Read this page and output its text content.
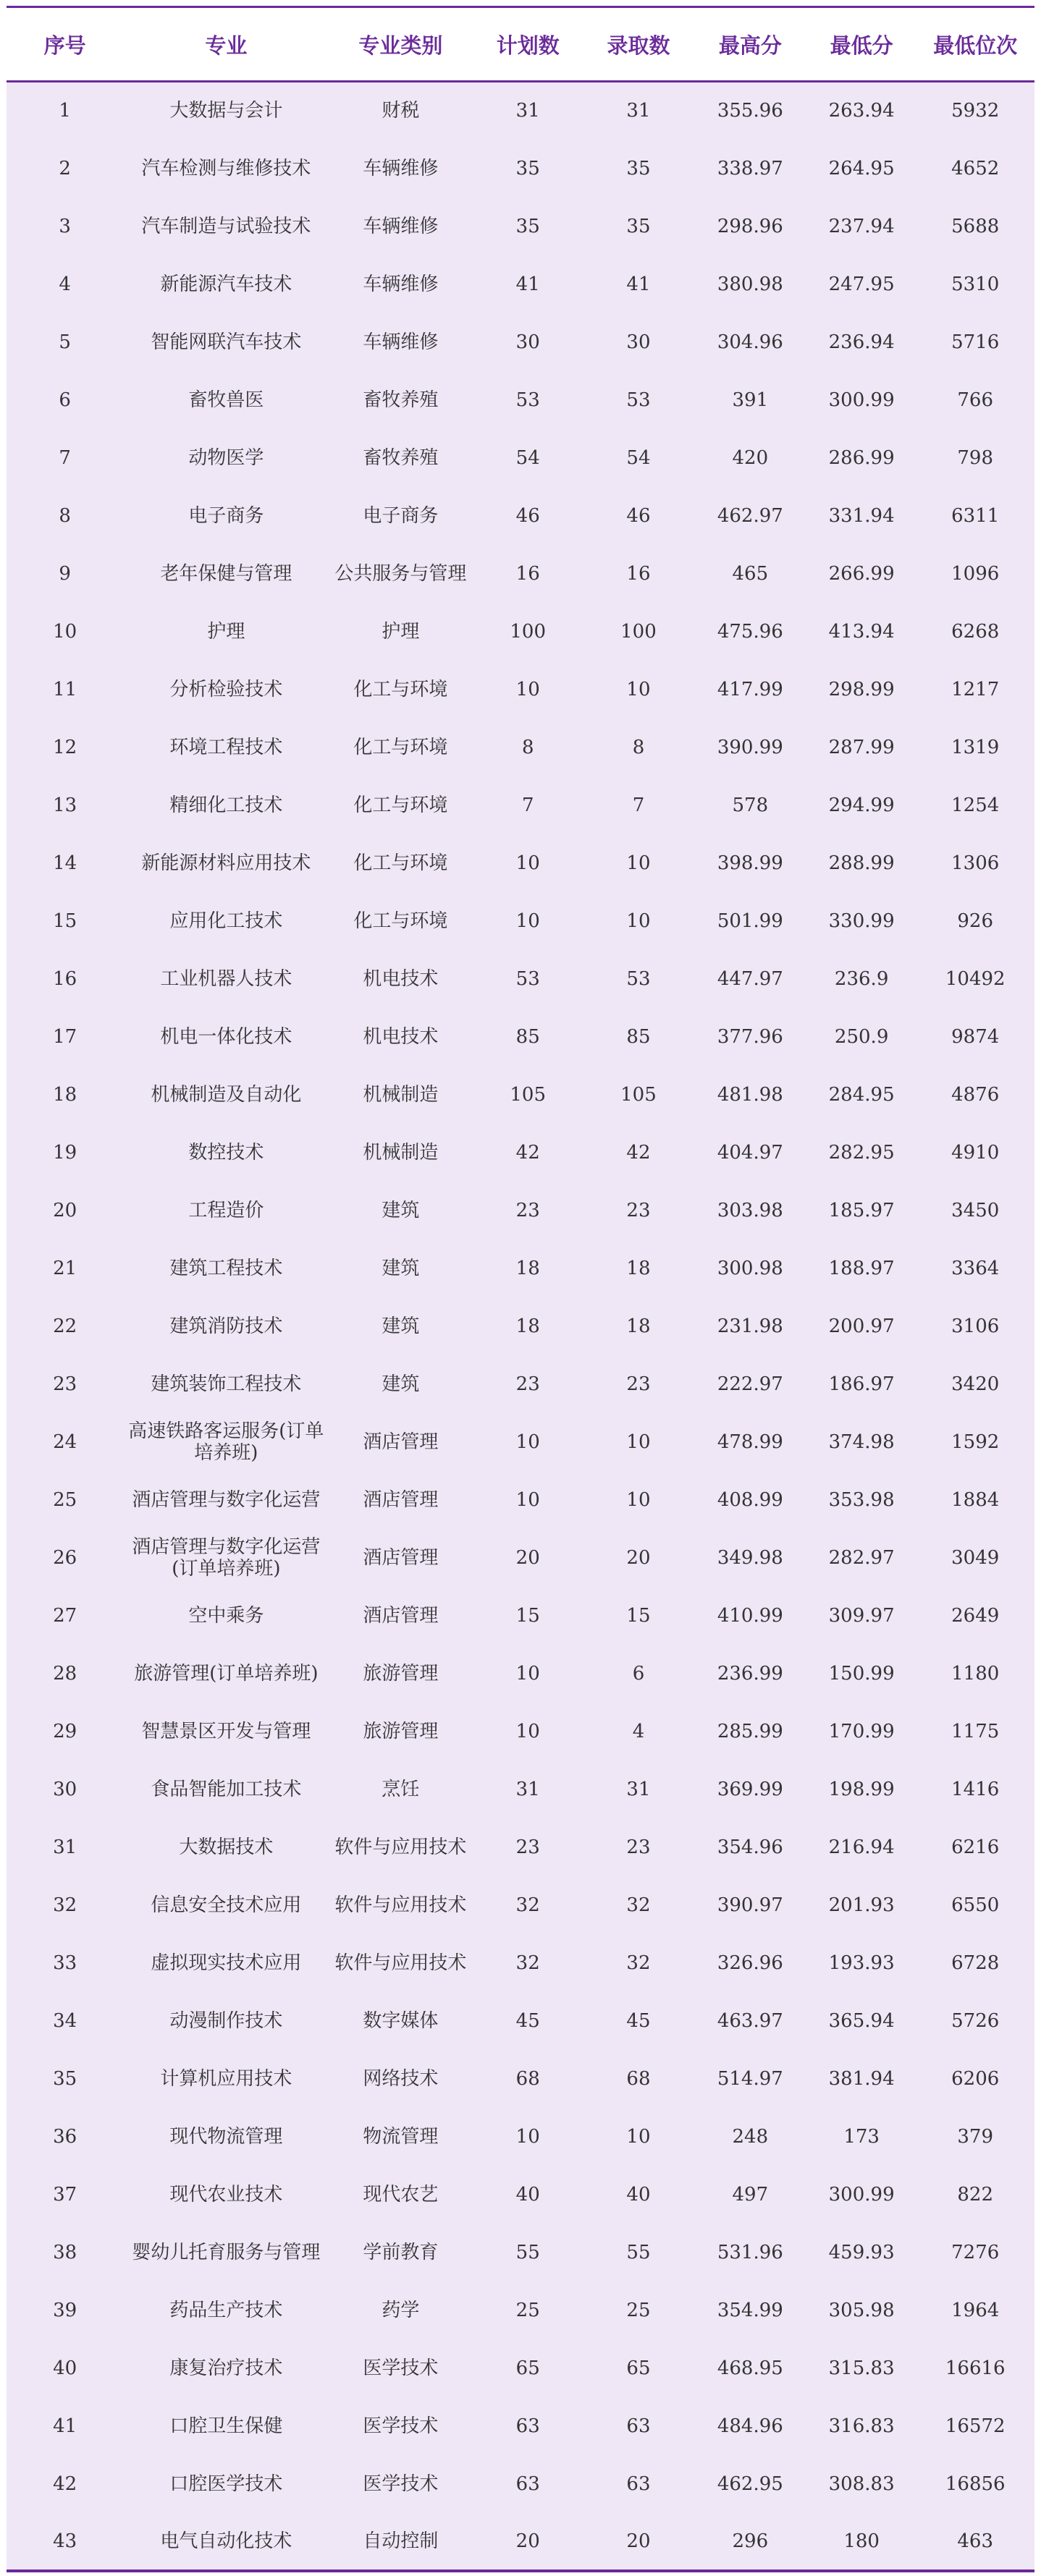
序号	专业	专业类别	计划数	录取数	最高分	最低分	最低位次
1	大数据与会计	财税	31	31	355.96	263.94	5932
2	汽车检测与维修技术	车辆维修	35	35	338.97	264.95	4652
3	汽车制造与试验技术	车辆维修	35	35	298.96	237.94	5688
4	新能源汽车技术	车辆维修	41	41	380.98	247.95	5310
5	智能网联汽车技术	车辆维修	30	30	304.96	236.94	5716
6	畜牧兽医	畜牧养殖	53	53	391	300.99	766
7	动物医学	畜牧养殖	54	54	420	286.99	798
8	电子商务	电子商务	46	46	462.97	331.94	6311
9	老年保健与管理	公共服务与管理	16	16	465	266.99	1096
10	护理	护理	100	100	475.96	413.94	6268
11	分析检验技术	化工与环境	10	10	417.99	298.99	1217
12	环境工程技术	化工与环境	8	8	390.99	287.99	1319
13	精细化工技术	化工与环境	7	7	578	294.99	1254
14	新能源材料应用技术	化工与环境	10	10	398.99	288.99	1306
15	应用化工技术	化工与环境	10	10	501.99	330.99	926
16	工业机器人技术	机电技术	53	53	447.97	236.9	10492
17	机电一体化技术	机电技术	85	85	377.96	250.9	9874
18	机械制造及自动化	机械制造	105	105	481.98	284.95	4876
19	数控技术	机械制造	42	42	404.97	282.95	4910
20	工程造价	建筑	23	23	303.98	185.97	3450
21	建筑工程技术	建筑	18	18	300.98	188.97	3364
22	建筑消防技术	建筑	18	18	231.98	200.97	3106
23	建筑装饰工程技术	建筑	23	23	222.97	186.97	3420
24	高速铁路客运服务(订单培养班)	酒店管理	10	10	478.99	374.98	1592
25	酒店管理与数字化运营	酒店管理	10	10	408.99	353.98	1884
26	酒店管理与数字化运营(订单培养班)	酒店管理	20	20	349.98	282.97	3049
27	空中乘务	酒店管理	15	15	410.99	309.97	2649
28	旅游管理(订单培养班)	旅游管理	10	6	236.99	150.99	1180
29	智慧景区开发与管理	旅游管理	10	4	285.99	170.99	1175
30	食品智能加工技术	烹饪	31	31	369.99	198.99	1416
31	大数据技术	软件与应用技术	23	23	354.96	216.94	6216
32	信息安全技术应用	软件与应用技术	32	32	390.97	201.93	6550
33	虚拟现实技术应用	软件与应用技术	32	32	326.96	193.93	6728
34	动漫制作技术	数字媒体	45	45	463.97	365.94	5726
35	计算机应用技术	网络技术	68	68	514.97	381.94	6206
36	现代物流管理	物流管理	10	10	248	173	379
37	现代农业技术	现代农艺	40	40	497	300.99	822
38	婴幼儿托育服务与管理	学前教育	55	55	531.96	459.93	7276
39	药品生产技术	药学	25	25	354.99	305.98	1964
40	康复治疗技术	医学技术	65	65	468.95	315.83	16616
41	口腔卫生保健	医学技术	63	63	484.96	316.83	16572
42	口腔医学技术	医学技术	63	63	462.95	308.83	16856
43	电气自动化技术	自动控制	20	20	296	180	463
